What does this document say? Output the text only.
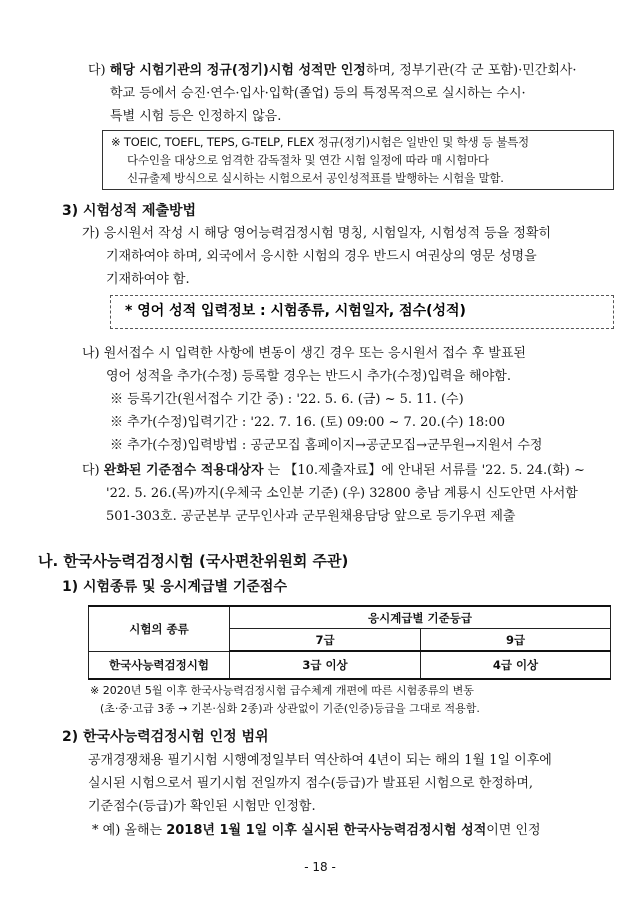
다) 해당 시험기관의 정규(정기)시험 성적만 인정하며, 정부기관(각 군 포함)·민간회사·
학교 등에서 승진·연수·입사·입학(졸업) 등의 특정목적으로 실시하는 수시·
특별 시험 등은 인정하지 않음.
※ TOEIC, TOEFL, TEPS, G-TELP, FLEX 정규(정기)시험은 일반인 및 학생 등 불특정
다수인을 대상으로 엄격한 감독절차 및 연간 시험 일정에 따라 매 시험마다
신규출제 방식으로 실시하는 시험으로서 공인성적표를 발행하는 시험을 말함.
3) 시험성적 제출방법
가) 응시원서 작성 시 해당 영어능력검정시험 명칭, 시험일자, 시험성적 등을 정확히
기재하여야 하며, 외국에서 응시한 시험의 경우 반드시 여권상의 영문 성명을
기재하여야 함.
* 영어 성적 입력정보 : 시험종류, 시험일자, 점수(성적)
나) 원서접수 시 입력한 사항에 변동이 생긴 경우 또는 응시원서 접수 후 발표된
영어 성적을 추가(수정) 등록할 경우는 반드시 추가(수정)입력을 해야함.
※ 등록기간(원서접수 기간 중) : '22. 5. 6. (금) ~ 5. 11. (수)
※ 추가(수정)입력기간 : '22. 7. 16. (토) 09:00 ~ 7. 20.(수) 18:00
※ 추가(수정)입력방법 : 공군모집 홈페이지→공군모집→군무원→지원서 수정
다) 완화된 기준점수 적용대상자 는 【10.제출자료】에 안내된 서류를 '22. 5. 24.(화) ~
'22. 5. 26.(목)까지(우체국 소인분 기준) (우) 32800 충남 계룡시 신도안면 사서함
501-303호. 공군본부 군무인사과 군무원채용담당 앞으로 등기우편 제출
나. 한국사능력검정시험 (국사편찬위원회 주관)
1) 시험종류 및 응시계급별 기준점수
시험의 종류	응시계급별 기준등급	
	7급	9급
한국사능력검정시험	3급 이상	4급 이상
※ 2020년 5월 이후 한국사능력검정시험 급수체계 개편에 따른 시험종류의 변동
(초·중·고급 3종 → 기본·심화 2종)과 상관없이 기준(인증)등급을 그대로 적용함.
2) 한국사능력검정시험 인정 범위
공개경쟁채용 필기시험 시행예정일부터 역산하여 4년이 되는 해의 1월 1일 이후에
실시된 시험으로서 필기시험 전일까지 점수(등급)가 발표된 시험으로 한정하며,
기준점수(등급)가 확인된 시험만 인정함.
* 예) 올해는 2018년 1월 1일 이후 실시된 한국사능력검정시험 성적이면 인정
- 18 -
